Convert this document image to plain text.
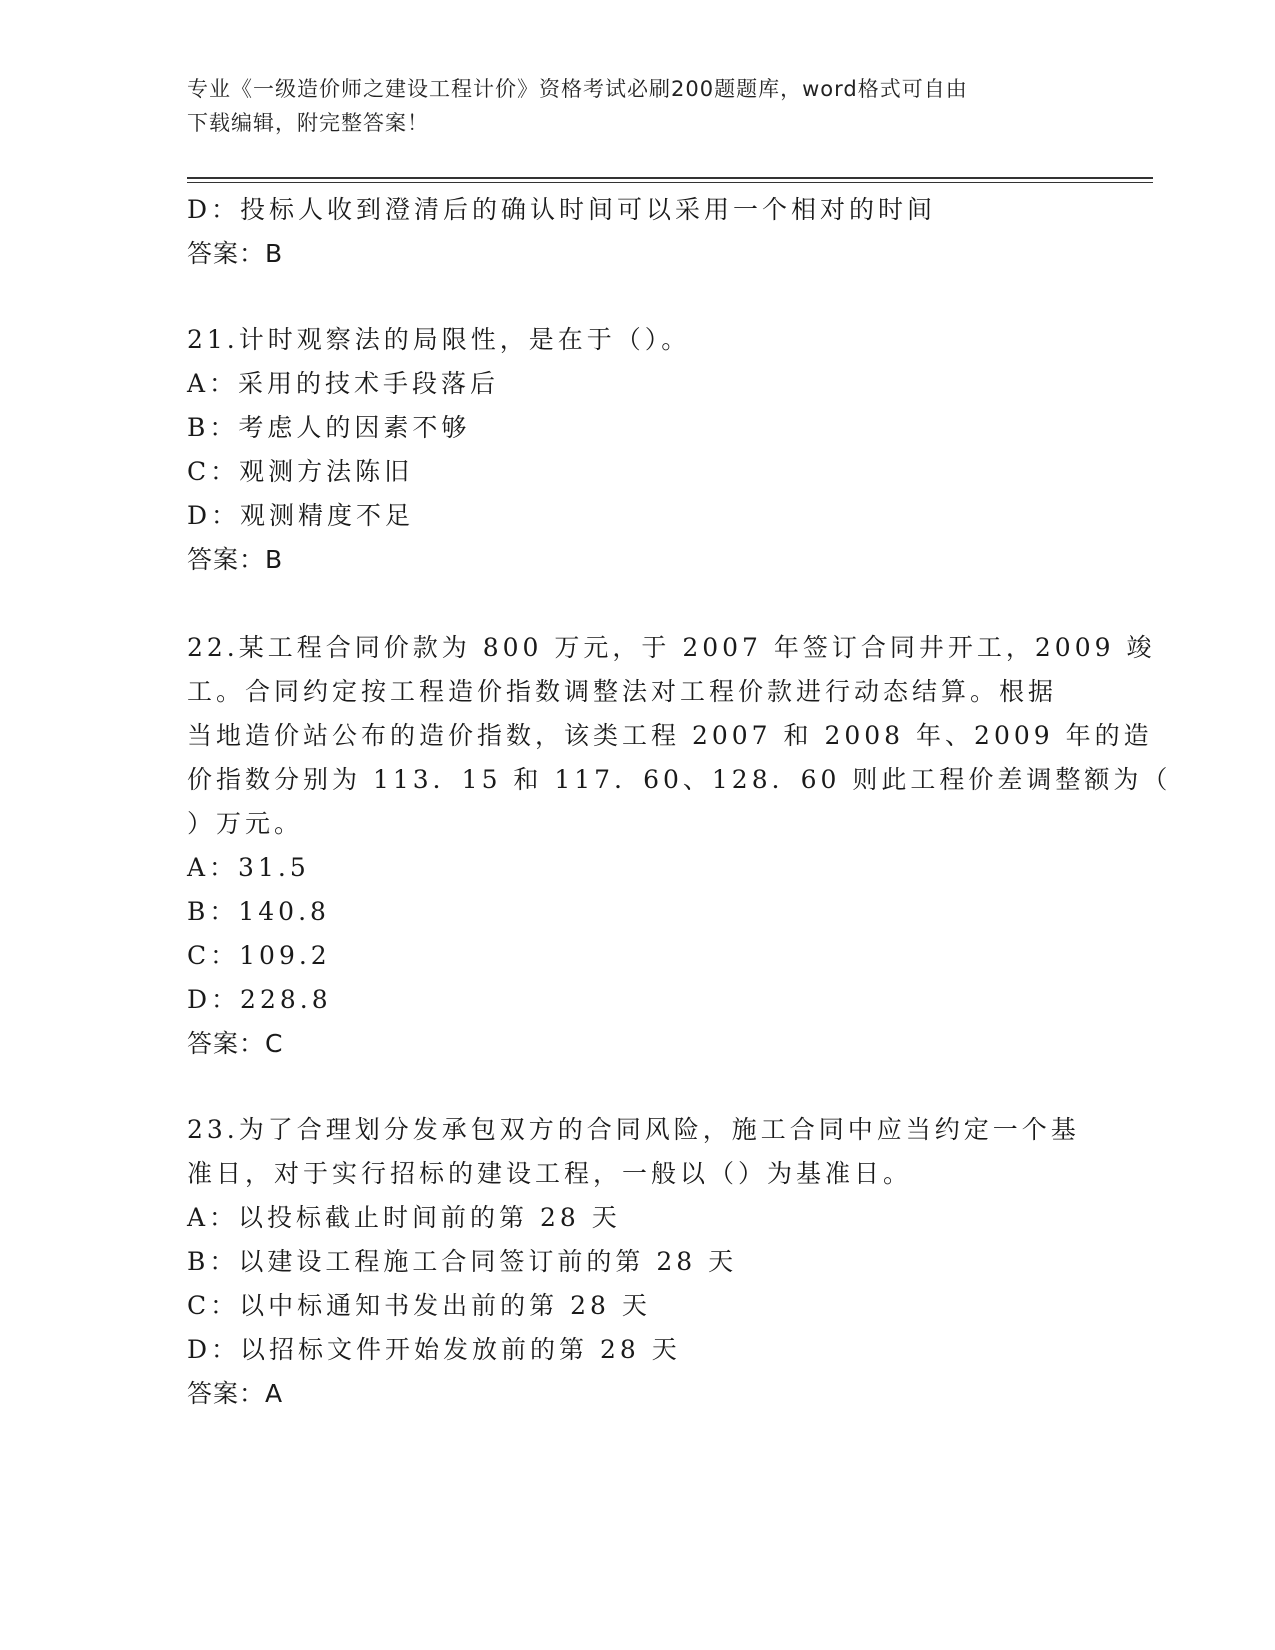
专业《一级造价师之建设工程计价》资格考试必刷200题题库，word格式可自由
下载编辑，附完整答案！
D：投标人收到澄清后的确认时间可以采用一个相对的时间
答案：B
21.计时观察法的局限性，是在于（）。
A：采用的技术手段落后
B：考虑人的因素不够
C：观测方法陈旧
D：观测精度不足
答案：B
22.某工程合同价款为 800 万元，于 2007 年签订合同井开工，2009 竣
工。合同约定按工程造价指数调整法对工程价款进行动态结算。根据
当地造价站公布的造价指数，该类工程 2007 和 2008 年、2009 年的造
价指数分别为 113．15 和 117．60、128．60 则此工程价差调整额为（
）万元。
A：31.5
B：140.8
C：109.2
D：228.8
答案：C
23.为了合理划分发承包双方的合同风险，施工合同中应当约定一个基
准日，对于实行招标的建设工程，一般以（）为基准日。
A：以投标截止时间前的第 28 天
B：以建设工程施工合同签订前的第 28 天
C：以中标通知书发出前的第 28 天
D：以招标文件开始发放前的第 28 天
答案：A
